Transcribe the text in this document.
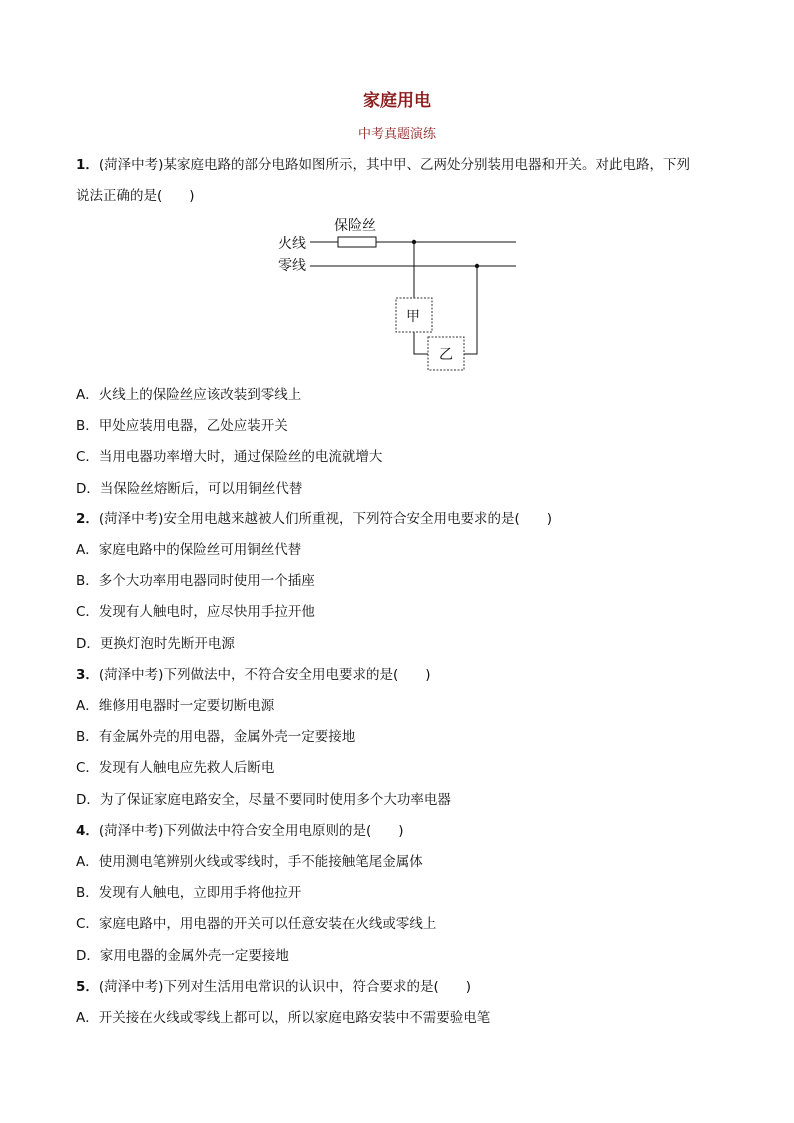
家庭用电
中考真题演练
1．(菏泽中考)某家庭电路的部分电路如图所示，其中甲、乙两处分别装用电器和开关。对此电路，下列
说法正确的是(　　)
火线
零线
保险丝
甲
乙
A．火线上的保险丝应该改装到零线上
B．甲处应装用电器，乙处应装开关
C．当用电器功率增大时，通过保险丝的电流就增大
D．当保险丝熔断后，可以用铜丝代替
2．(菏泽中考)安全用电越来越被人们所重视，下列符合安全用电要求的是(　　)
A．家庭电路中的保险丝可用铜丝代替
B．多个大功率用电器同时使用一个插座
C．发现有人触电时，应尽快用手拉开他
D．更换灯泡时先断开电源
3．(菏泽中考)下列做法中，不符合安全用电要求的是(　　)
A．维修用电器时一定要切断电源
B．有金属外壳的用电器，金属外壳一定要接地
C．发现有人触电应先救人后断电
D．为了保证家庭电路安全，尽量不要同时使用多个大功率电器
4．(菏泽中考)下列做法中符合安全用电原则的是(　　)
A．使用测电笔辨别火线或零线时，手不能接触笔尾金属体
B．发现有人触电，立即用手将他拉开
C．家庭电路中，用电器的开关可以任意安装在火线或零线上
D．家用电器的金属外壳一定要接地
5．(菏泽中考)下列对生活用电常识的认识中，符合要求的是(　　)
A．开关接在火线或零线上都可以，所以家庭电路安装中不需要验电笔
